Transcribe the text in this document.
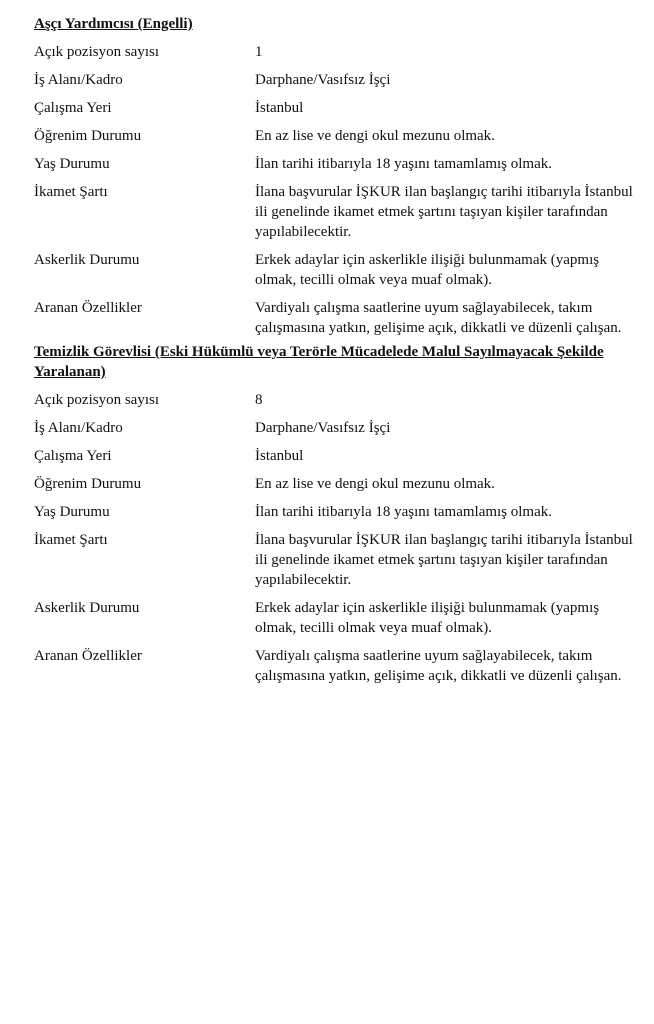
Aşçı Yardımcısı (Engelli)
Açık pozisyon sayısı	1
İş Alanı/Kadro	Darphane/Vasıfsız İşçi
Çalışma Yeri	İstanbul
Öğrenim Durumu	En az lise ve dengi okul mezunu olmak.
Yaş Durumu	İlan tarihi itibarıyla 18 yaşını tamamlamış olmak.
İkamet Şartı	İlana başvurular İŞKUR ilan başlangıç tarihi itibarıyla İstanbul ili genelinde ikamet etmek şartını taşıyan kişiler tarafından yapılabilecektir.
Askerlik Durumu	Erkek adaylar için askerlikle ilişiği bulunmamak (yapmış olmak, tecilli olmak veya muaf olmak).
Aranan Özellikler	Vardiyalı çalışma saatlerine uyum sağlayabilecek, takım çalışmasına yatkın, gelişime açık, dikkatli ve düzenli çalışan.
Temizlik Görevlisi (Eski Hükümlü veya Terörle Mücadelede Malul Sayılmayacak Şekilde Yaralanan)
Açık pozisyon sayısı	8
İş Alanı/Kadro	Darphane/Vasıfsız İşçi
Çalışma Yeri	İstanbul
Öğrenim Durumu	En az lise ve dengi okul mezunu olmak.
Yaş Durumu	İlan tarihi itibarıyla 18 yaşını tamamlamış olmak.
İkamet Şartı	İlana başvurular İŞKUR ilan başlangıç tarihi itibarıyla İstanbul ili genelinde ikamet etmek şartını taşıyan kişiler tarafından yapılabilecektir.
Askerlik Durumu	Erkek adaylar için askerlikle ilişiği bulunmamak (yapmış olmak, tecilli olmak veya muaf olmak).
Aranan Özellikler	Vardiyalı çalışma saatlerine uyum sağlayabilecek, takım çalışmasına yatkın, gelişime açık, dikkatli ve düzenli çalışan.
